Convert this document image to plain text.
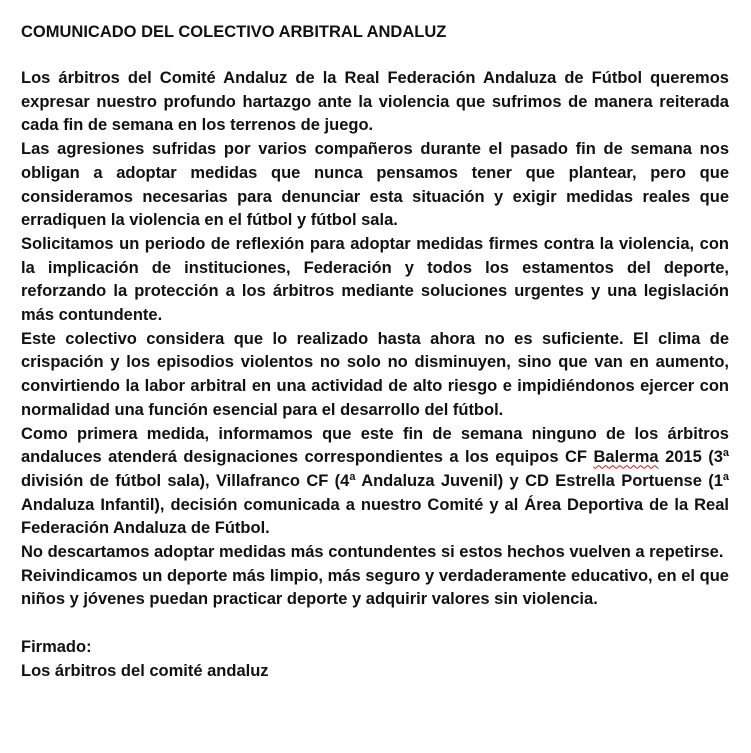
COMUNICADO DEL COLECTIVO ARBITRAL ANDALUZ

Los árbitros del Comité Andaluz de la Real Federación Andaluza de Fútbol queremos expresar nuestro profundo hartazgo ante la violencia que sufrimos de manera reiterada cada fin de semana en los terrenos de juego.

Las agresiones sufridas por varios compañeros durante el pasado fin de semana nos obligan a adoptar medidas que nunca pensamos tener que plantear, pero que consideramos necesarias para denunciar esta situación y exigir medidas reales que erradiquen la violencia en el fútbol y fútbol sala.

Solicitamos un periodo de reflexión para adoptar medidas firmes contra la violencia, con la implicación de instituciones, Federación y todos los estamentos del deporte, reforzando la protección a los árbitros mediante soluciones urgentes y una legislación más contundente.

Este colectivo considera que lo realizado hasta ahora no es suficiente. El clima de crispación y los episodios violentos no solo no disminuyen, sino que van en aumento, convirtiendo la labor arbitral en una actividad de alto riesgo e impidiéndonos ejercer con normalidad una función esencial para el desarrollo del fútbol.

Como primera medida, informamos que este fin de semana ninguno de los árbitros andaluces atenderá designaciones correspondientes a los equipos CF Balerma 2015 (3ª división de fútbol sala), Villafranco CF (4ª Andaluza Juvenil) y CD Estrella Portuense (1ª Andaluza Infantil), decisión comunicada a nuestro Comité y al Área Deportiva de la Real Federación Andaluza de Fútbol.

No descartamos adoptar medidas más contundentes si estos hechos vuelven a repetirse.

Reivindicamos un deporte más limpio, más seguro y verdaderamente educativo, en el que niños y jóvenes puedan practicar deporte y adquirir valores sin violencia.

Firmado:

Los árbitros del comité andaluz
